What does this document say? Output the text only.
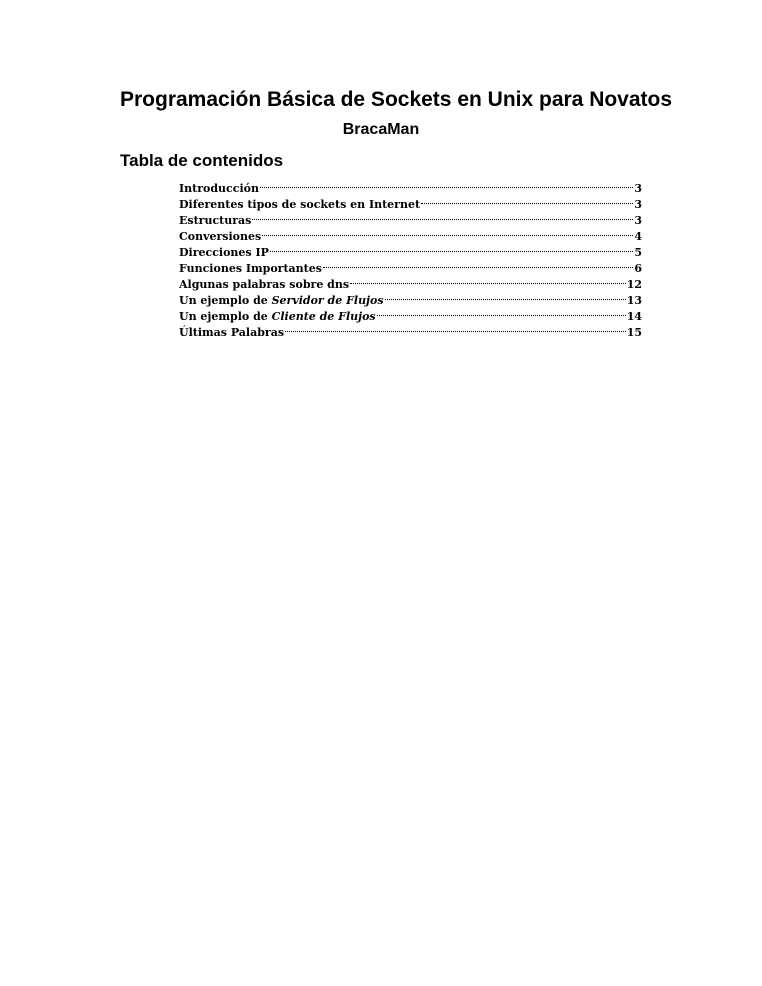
Programación Básica de Sockets en Unix para Novatos
BracaMan
Tabla de contenidos
Introducción	3
Diferentes tipos de sockets en Internet	3
Estructuras	3
Conversiones	4
Direcciones IP	5
Funciones Importantes	6
Algunas palabras sobre dns	12
Un ejemplo de Servidor de Flujos	13
Un ejemplo de Cliente de Flujos	14
Últimas Palabras	15
